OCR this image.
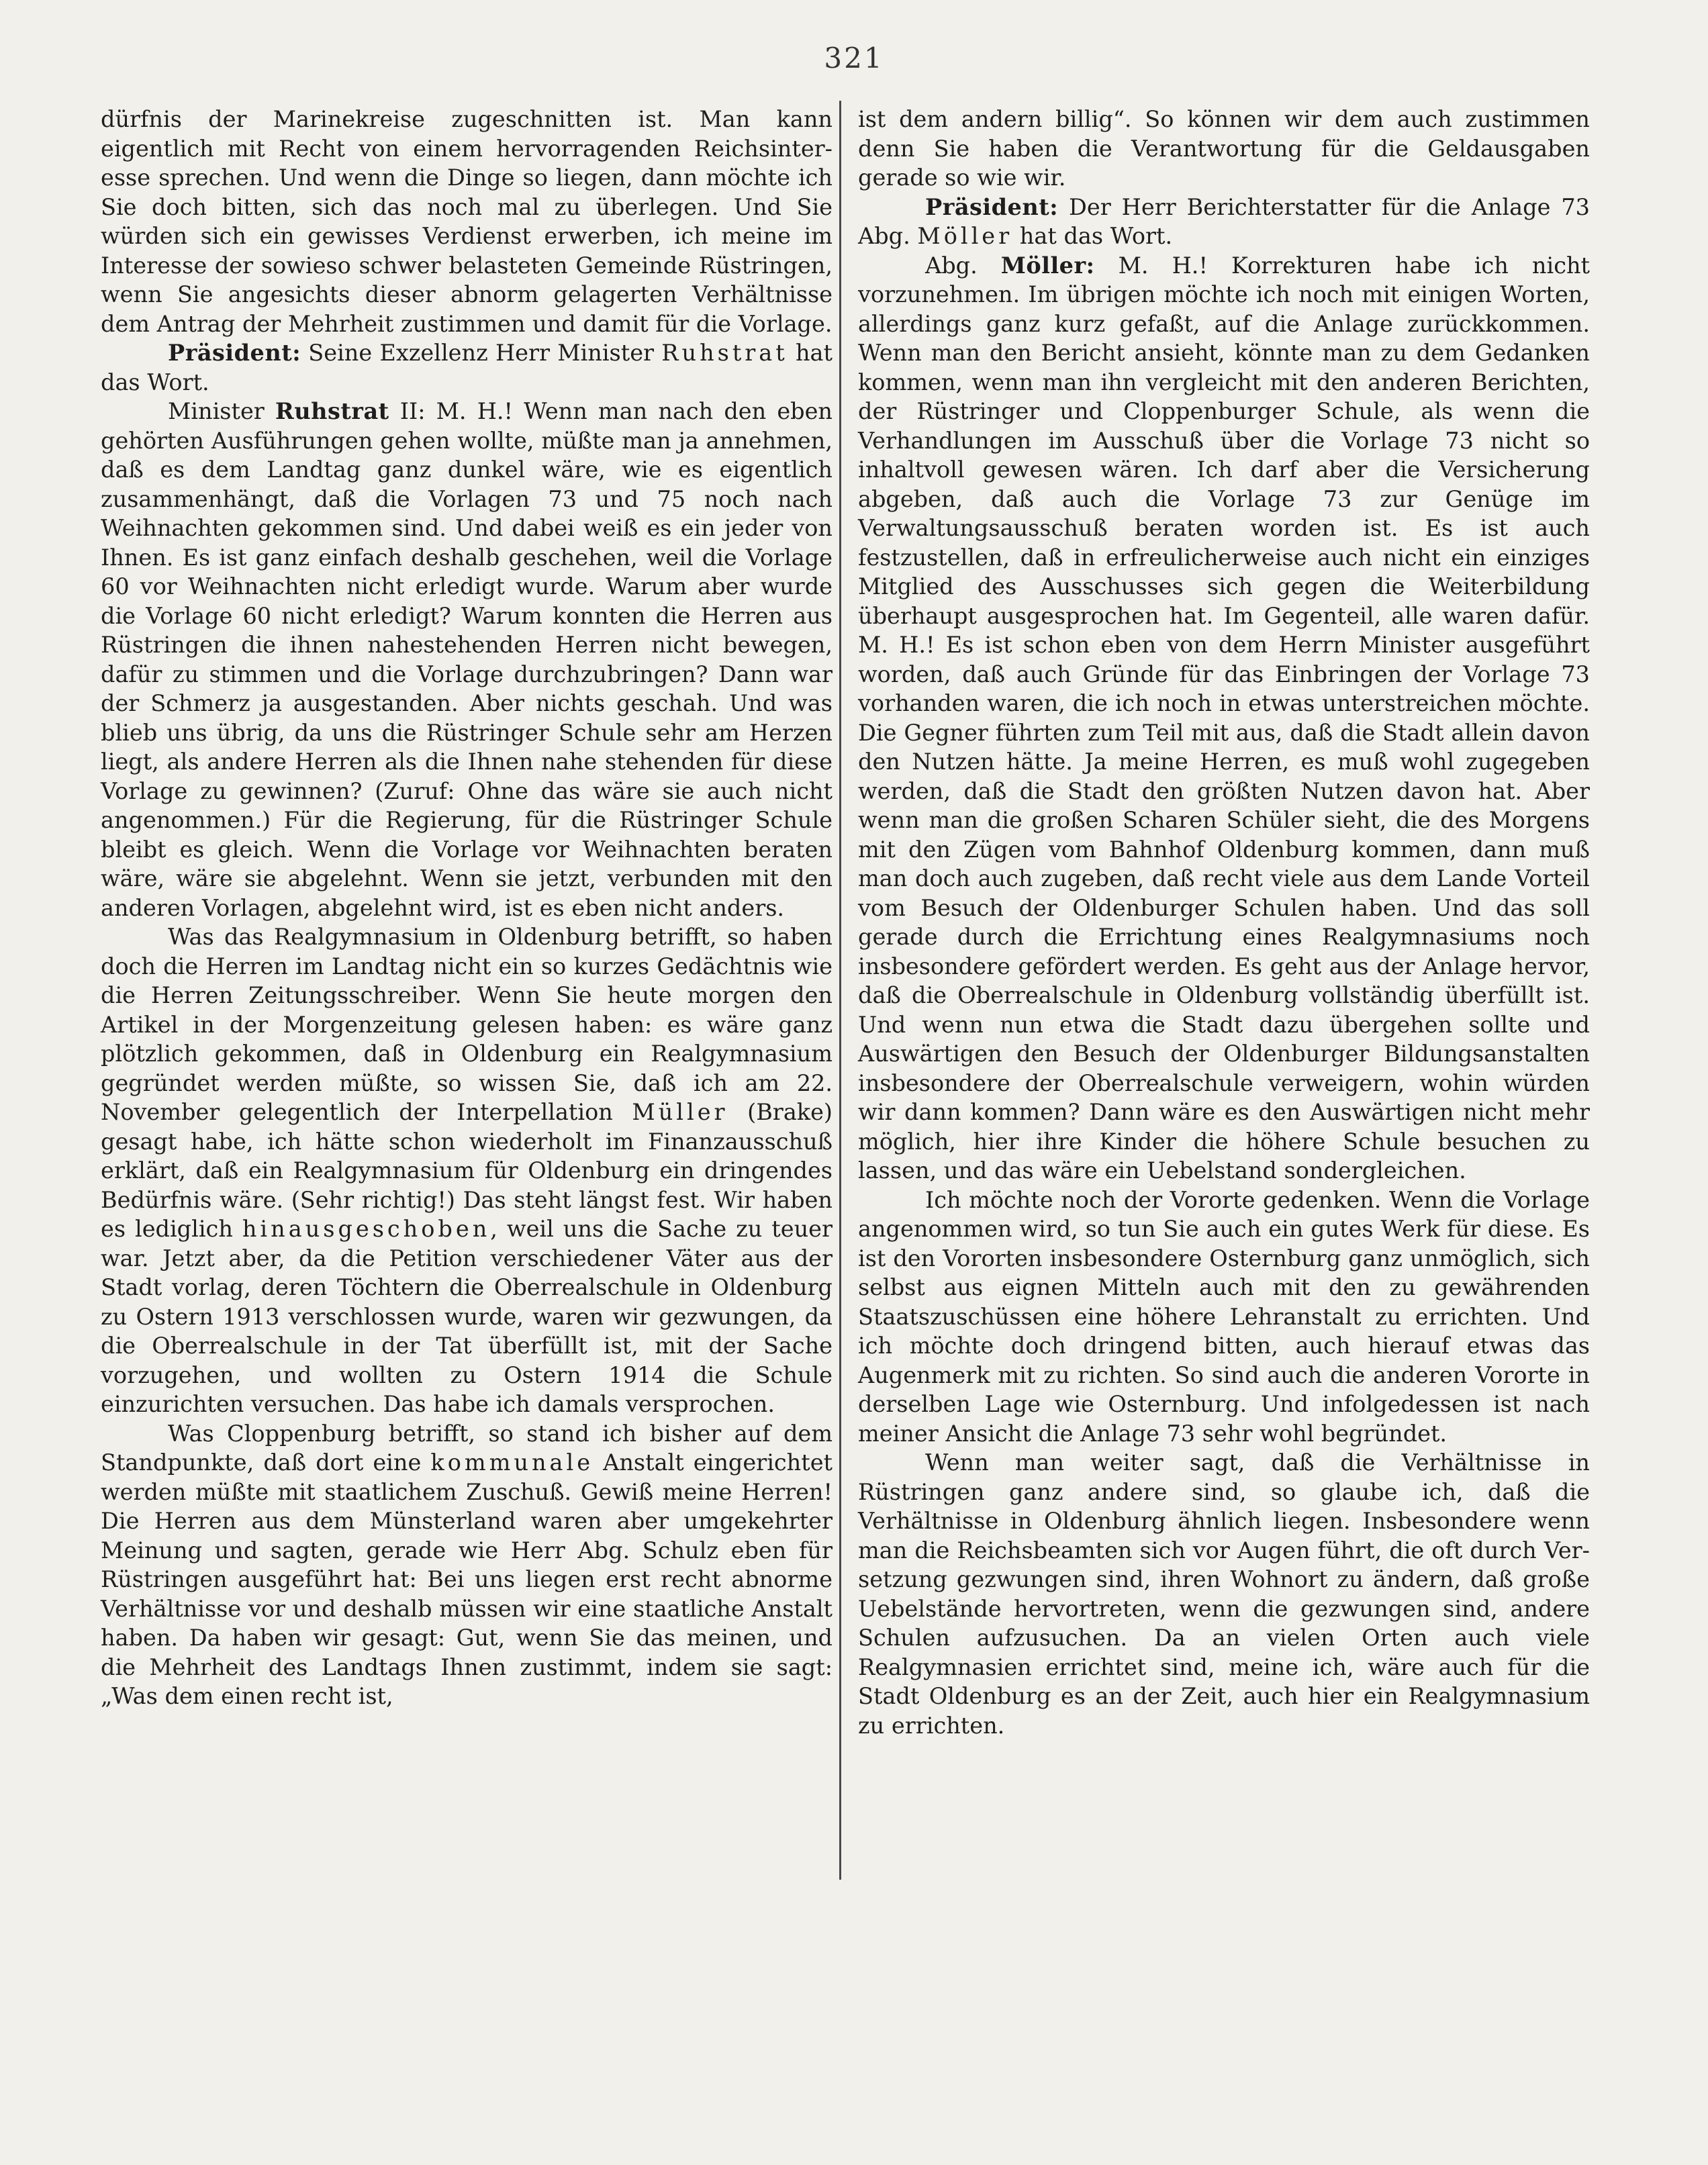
321

dürfnis der Marinekreise zugeschnitten ist. Man kann eigentlich mit Recht von einem hervorragenden Reichsinteresse sprechen. Und wenn die Dinge so liegen, dann möchte ich Sie doch bitten, sich das noch mal zu überlegen. Und Sie würden sich ein gewisses Verdienst erwerben, ich meine im Interesse der sowieso schwer belasteten Gemeinde Rüstringen, wenn Sie angesichts dieser abnorm gelagerten Verhältnisse dem Antrag der Mehrheit zustimmen und damit für die Vorlage.

Präsident: Seine Exzellenz Herr Minister Ruhstrat hat das Wort.

Minister Ruhstrat II: M. H.! Wenn man nach den eben gehörten Ausführungen gehen wollte, müßte man ja annehmen, daß es dem Landtag ganz dunkel wäre, wie es eigentlich zusammenhängt, daß die Vorlagen 73 und 75 noch nach Weihnachten gekommen sind. Und dabei weiß es ein jeder von Ihnen. Es ist ganz einfach deshalb geschehen, weil die Vorlage 60 vor Weihnachten nicht erledigt wurde. Warum aber wurde die Vorlage 60 nicht erledigt? Warum konnten die Herren aus Rüstringen die ihnen nahestehenden Herren nicht bewegen, dafür zu stimmen und die Vorlage durchzubringen? Dann war der Schmerz ja ausgestanden. Aber nichts geschah. Und was blieb uns übrig, da uns die Rüstringer Schule sehr am Herzen liegt, als andere Herren als die Ihnen nahe stehenden für diese Vorlage zu gewinnen? (Zuruf: Ohne das wäre sie auch nicht angenommen.) Für die Regierung, für die Rüstringer Schule bleibt es gleich. Wenn die Vorlage vor Weihnachten beraten wäre, wäre sie abgelehnt. Wenn sie jetzt, verbunden mit den anderen Vorlagen, abgelehnt wird, ist es eben nicht anders.

Was das Realgymnasium in Oldenburg betrifft, so haben doch die Herren im Landtag nicht ein so kurzes Gedächtnis wie die Herren Zeitungsschreiber. Wenn Sie heute morgen den Artikel in der Morgenzeitung gelesen haben: es wäre ganz plötzlich gekommen, daß in Oldenburg ein Realgymnasium gegründet werden müßte, so wissen Sie, daß ich am 22. November gelegentlich der Interpellation Müller (Brake) gesagt habe, ich hätte schon wiederholt im Finanzausschuß erklärt, daß ein Realgymnasium für Oldenburg ein dringendes Bedürfnis wäre. (Sehr richtig!) Das steht längst fest. Wir haben es lediglich hinausgeschoben, weil uns die Sache zu teuer war. Jetzt aber, da die Petition verschiedener Väter aus der Stadt vorlag, deren Töchtern die Oberrealschule in Oldenburg zu Ostern 1913 verschlossen wurde, waren wir gezwungen, da die Oberrealschule in der Tat überfüllt ist, mit der Sache vorzugehen, und wollten zu Ostern 1914 die Schule einzurichten versuchen. Das habe ich damals versprochen.

Was Cloppenburg betrifft, so stand ich bisher auf dem Standpunkte, daß dort eine kommunale Anstalt eingerichtet werden müßte mit staatlichem Zuschuß. Gewiß meine Herren! Die Herren aus dem Münsterland waren aber umgekehrter Meinung und sagten, gerade wie Herr Abg. Schulz eben für Rüstringen ausgeführt hat: Bei uns liegen erst recht abnorme Verhältnisse vor und deshalb müssen wir eine staatliche Anstalt haben. Da haben wir gesagt: Gut, wenn Sie das meinen, und die Mehrheit des Landtags Ihnen zustimmt, indem sie sagt: „Was dem einen recht ist,

ist dem andern billig“. So können wir dem auch zustimmen denn Sie haben die Verantwortung für die Geldausgaben gerade so wie wir.

Präsident: Der Herr Berichterstatter für die Anlage 73 Abg. Möller hat das Wort.

Abg. Möller: M. H.! Korrekturen habe ich nicht vorzunehmen. Im übrigen möchte ich noch mit einigen Worten, allerdings ganz kurz gefaßt, auf die Anlage zurückkommen. Wenn man den Bericht ansieht, könnte man zu dem Gedanken kommen, wenn man ihn vergleicht mit den anderen Berichten, der Rüstringer und Cloppenburger Schule, als wenn die Verhandlungen im Ausschuß über die Vorlage 73 nicht so inhaltvoll gewesen wären. Ich darf aber die Versicherung abgeben, daß auch die Vorlage 73 zur Genüge im Verwaltungsausschuß beraten worden ist. Es ist auch festzustellen, daß in erfreulicherweise auch nicht ein einziges Mitglied des Ausschusses sich gegen die Weiterbildung überhaupt ausgesprochen hat. Im Gegenteil, alle waren dafür. M. H.! Es ist schon eben von dem Herrn Minister ausgeführt worden, daß auch Gründe für das Einbringen der Vorlage 73 vorhanden waren, die ich noch in etwas unterstreichen möchte. Die Gegner führten zum Teil mit aus, daß die Stadt allein davon den Nutzen hätte. Ja meine Herren, es muß wohl zugegeben werden, daß die Stadt den größten Nutzen davon hat. Aber wenn man die großen Scharen Schüler sieht, die des Morgens mit den Zügen vom Bahnhof Oldenburg kommen, dann muß man doch auch zugeben, daß recht viele aus dem Lande Vorteil vom Besuch der Oldenburger Schulen haben. Und das soll gerade durch die Errichtung eines Realgymnasiums noch insbesondere gefördert werden. Es geht aus der Anlage hervor, daß die Oberrealschule in Oldenburg vollständig überfüllt ist. Und wenn nun etwa die Stadt dazu übergehen sollte und Auswärtigen den Besuch der Oldenburger Bildungsanstalten insbesondere der Oberrealschule verweigern, wohin würden wir dann kommen? Dann wäre es den Auswärtigen nicht mehr möglich, hier ihre Kinder die höhere Schule besuchen zu lassen, und das wäre ein Uebelstand sondergleichen.

Ich möchte noch der Vororte gedenken. Wenn die Vorlage angenommen wird, so tun Sie auch ein gutes Werk für diese. Es ist den Vororten insbesondere Osternburg ganz unmöglich, sich selbst aus eignen Mitteln auch mit den zu gewährenden Staatszuschüssen eine höhere Lehranstalt zu errichten. Und ich möchte doch dringend bitten, auch hierauf etwas das Augenmerk mit zu richten. So sind auch die anderen Vororte in derselben Lage wie Osternburg. Und infolgedessen ist nach meiner Ansicht die Anlage 73 sehr wohl begründet.

Wenn man weiter sagt, daß die Verhältnisse in Rüstringen ganz andere sind, so glaube ich, daß die Verhältnisse in Oldenburg ähnlich liegen. Insbesondere wenn man die Reichsbeamten sich vor Augen führt, die oft durch Versetzung gezwungen sind, ihren Wohnort zu ändern, daß große Uebelstände hervortreten, wenn die gezwungen sind, andere Schulen aufzusuchen. Da an vielen Orten auch viele Realgymnasien errichtet sind, meine ich, wäre auch für die Stadt Oldenburg es an der Zeit, auch hier ein Realgymnasium zu errichten.
